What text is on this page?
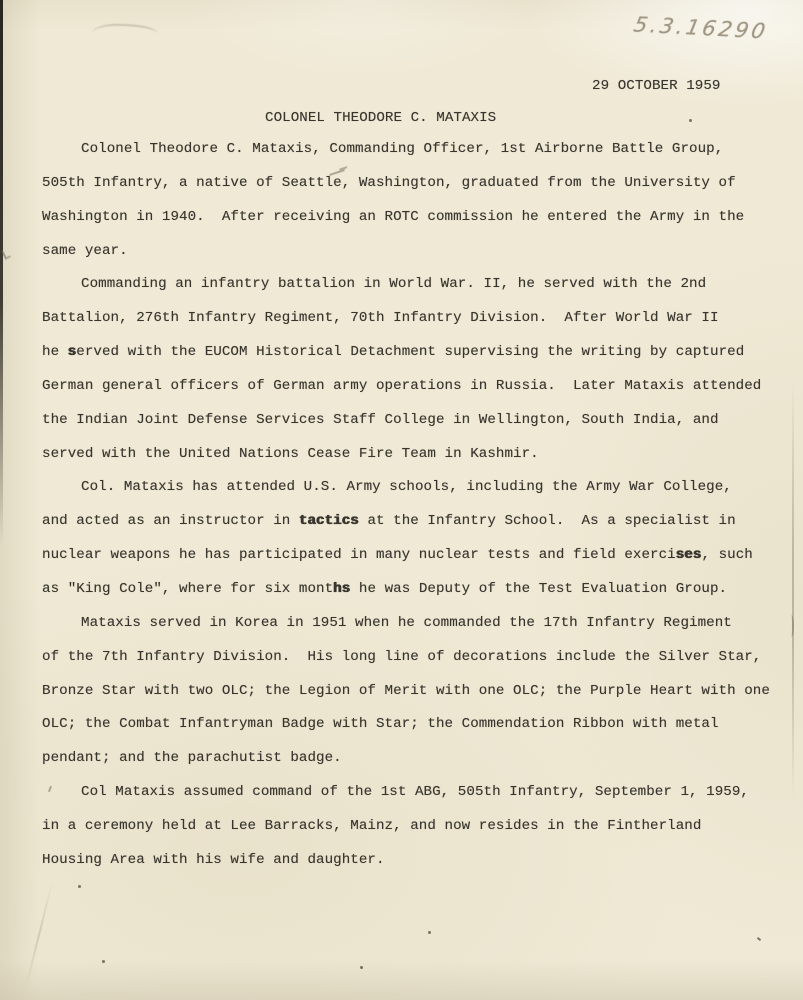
5.3.16290
29 OCTOBER 1959
COLONEL THEODORE C. MATAXIS
Colonel Theodore C. Mataxis, Commanding Officer, 1st Airborne Battle Group,
505th Infantry, a native of Seattle, Washington, graduated from the University of
Washington in 1940.  After receiving an ROTC commission he entered the Army in the
same year.
Commanding an infantry battalion in World War. II, he served with the 2nd
Battalion, 276th Infantry Regiment, 70th Infantry Division.  After World War II
he served with the EUCOM Historical Detachment supervising the writing by captured
German general officers of German army operations in Russia.  Later Mataxis attended
the Indian Joint Defense Services Staff College in Wellington, South India, and
served with the United Nations Cease Fire Team in Kashmir.
Col. Mataxis has attended U.S. Army schools, including the Army War College,
and acted as an instructor in tactics at the Infantry School.  As a specialist in
nuclear weapons he has participated in many nuclear tests and field exercises, such
as "King Cole", where for six months he was Deputy of the Test Evaluation Group.
Mataxis served in Korea in 1951 when he commanded the 17th Infantry Regiment
of the 7th Infantry Division.  His long line of decorations include the Silver Star,
Bronze Star with two OLC; the Legion of Merit with one OLC; the Purple Heart with one
OLC; the Combat Infantryman Badge with Star; the Commendation Ribbon with metal
pendant; and the parachutist badge.
Col Mataxis assumed command of the 1st ABG, 505th Infantry, September 1, 1959,
in a ceremony held at Lee Barracks, Mainz, and now resides in the Fintherland
Housing Area with his wife and daughter.
